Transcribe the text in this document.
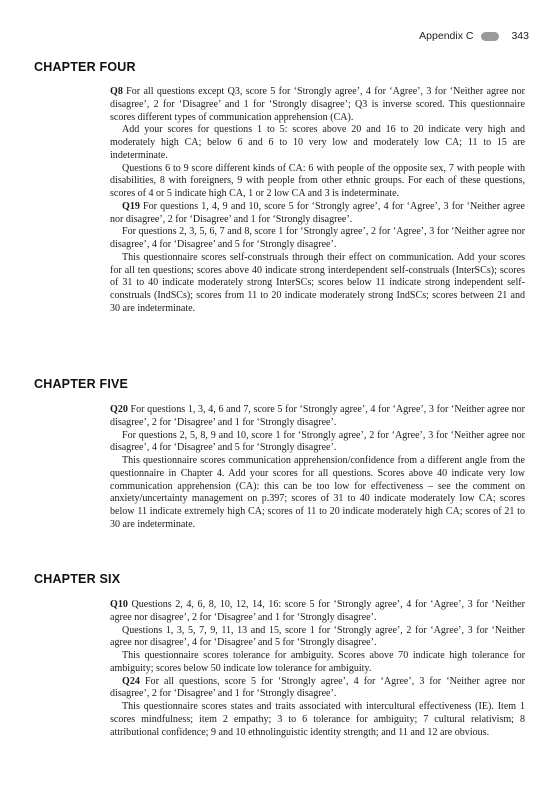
Appendix C	343
CHAPTER FOUR

Q8 For all questions except Q3, score 5 for ‘Strongly agree’, 4 for ‘Agree’, 3 for ‘Neither agree nor disagree’, 2 for ‘Disagree’ and 1 for ‘Strongly disagree’; Q3 is inverse scored. This questionnaire scores different types of communication apprehension (CA).

Add your scores for questions 1 to 5: scores above 20 and 16 to 20 indicate very high and moderately high CA; below 6 and 6 to 10 very low and moderately low CA; 11 to 15 are indeterminate.

Questions 6 to 9 score different kinds of CA: 6 with people of the opposite sex, 7 with people with disabilities, 8 with foreigners, 9 with people from other ethnic groups. For each of these questions, scores of 4 or 5 indicate high CA, 1 or 2 low CA and 3 is indeterminate.

Q19 For questions 1, 4, 9 and 10, score 5 for ‘Strongly agree’, 4 for ‘Agree’, 3 for ‘Neither agree nor disagree’, 2 for ‘Disagree’ and 1 for ‘Strongly disagree’.

For questions 2, 3, 5, 6, 7 and 8, score 1 for ‘Strongly agree’, 2 for ‘Agree’, 3 for ‘Neither agree nor disagree’, 4 for ‘Disagree’ and 5 for ‘Strongly disagree’.

This questionnaire scores self-construals through their effect on communication. Add your scores for all ten questions; scores above 40 indicate strong interdependent self-construals (InterSCs); scores of 31 to 40 indicate moderately strong InterSCs; scores below 11 indicate strong independent self-construals (IndSCs); scores from 11 to 20 indicate moderately strong IndSCs; scores between 21 and 30 are indeterminate.

CHAPTER FIVE

Q20 For questions 1, 3, 4, 6 and 7, score 5 for ‘Strongly agree’, 4 for ‘Agree’, 3 for ‘Neither agree nor disagree’, 2 for ‘Disagree’ and 1 for ‘Strongly disagree’.

For questions 2, 5, 8, 9 and 10, score 1 for ‘Strongly agree’, 2 for ‘Agree’, 3 for ‘Neither agree nor disagree’, 4 for ‘Disagree’ and 5 for ‘Strongly disagree’.

This questionnaire scores communication apprehension/confidence from a different angle from the questionnaire in Chapter 4. Add your scores for all questions. Scores above 40 indicate very low communication apprehension (CA): this can be too low for effectiveness – see the comment on anxiety/uncertainty management on p.397; scores of 31 to 40 indicate moderately low CA; scores below 11 indicate extremely high CA; scores of 11 to 20 indicate moderately high CA; scores of 21 to 30 are indeterminate.

CHAPTER SIX

Q10 Questions 2, 4, 6, 8, 10, 12, 14, 16: score 5 for ‘Strongly agree’, 4 for ‘Agree’, 3 for ‘Neither agree nor disagree’, 2 for ‘Disagree’ and 1 for ‘Strongly disagree’.

Questions 1, 3, 5, 7, 9, 11, 13 and 15, score 1 for ‘Strongly agree’, 2 for ‘Agree’, 3 for ‘Neither agree nor disagree’, 4 for ‘Disagree’ and 5 for ‘Strongly disagree’.

This questionnaire scores tolerance for ambiguity. Scores above 70 indicate high tolerance for ambiguity; scores below 50 indicate low tolerance for ambiguity.

Q24 For all questions, score 5 for ‘Strongly agree’, 4 for ‘Agree’, 3 for ‘Neither agree nor disagree’, 2 for ‘Disagree’ and 1 for ‘Strongly disagree’.

This questionnaire scores states and traits associated with intercultural effectiveness (IE). Item 1 scores mindfulness; item 2 empathy; 3 to 6 tolerance for ambiguity; 7 cultural relativism; 8 attributional confidence; 9 and 10 ethnolinguistic identity strength; and 11 and 12 are obvious.
